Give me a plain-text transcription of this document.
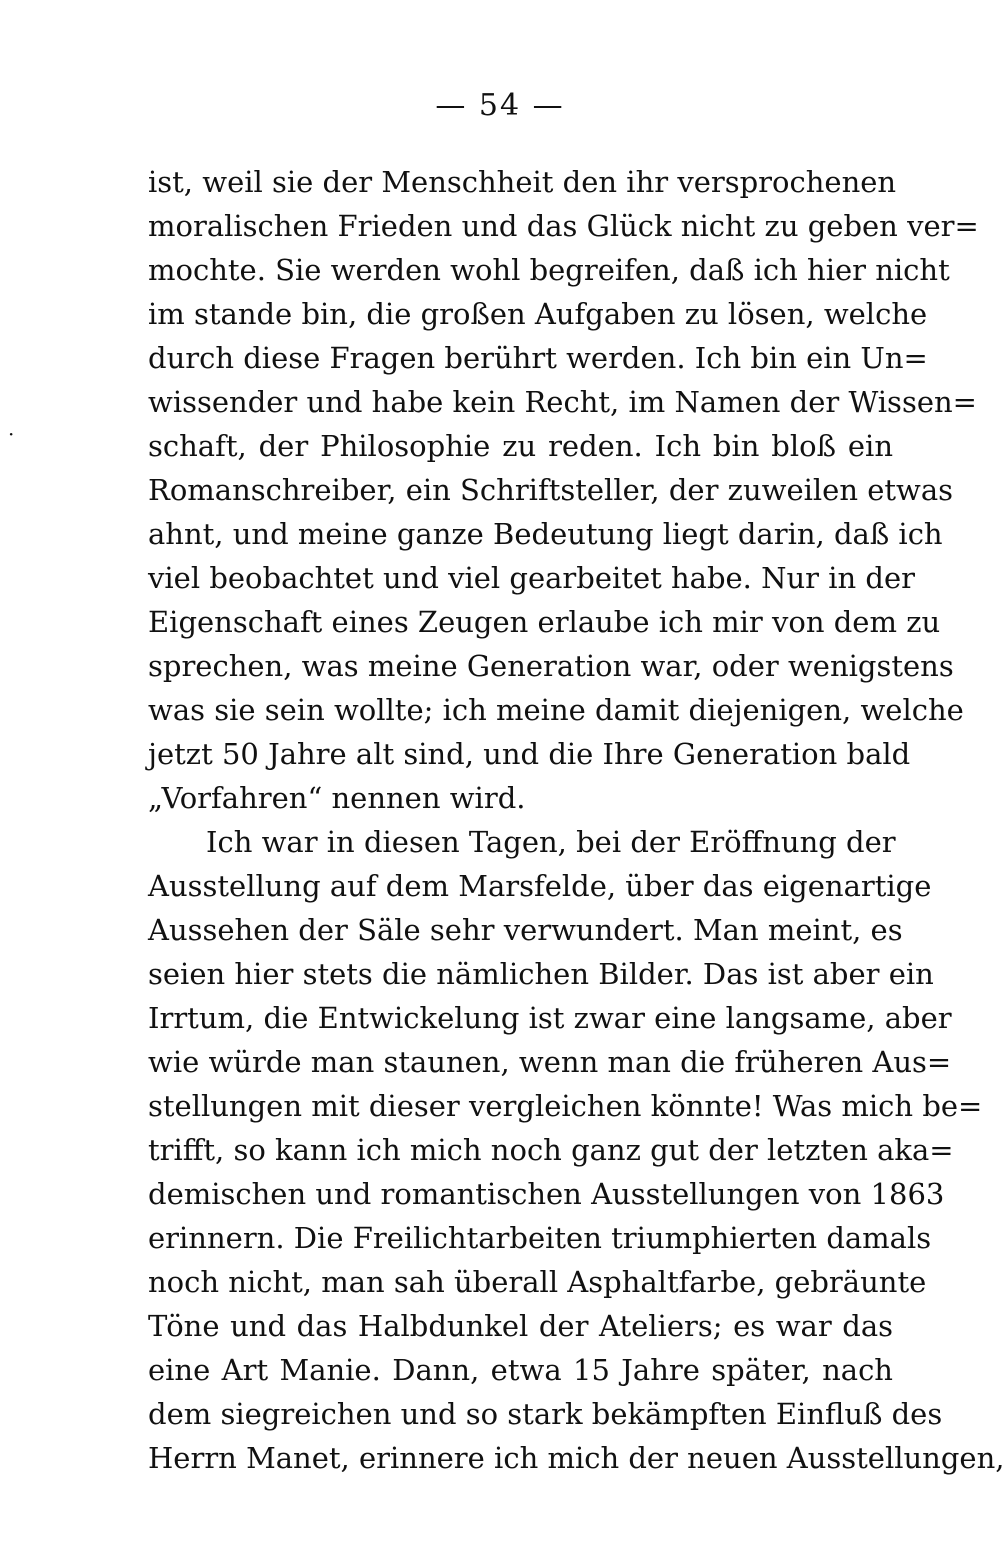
— 54 —
·
ist, weil sie der Menschheit den ihr versprochenen
moralischen Frieden und das Glück nicht zu geben ver=
mochte. Sie werden wohl begreifen, daß ich hier nicht
im stande bin, die großen Aufgaben zu lösen, welche
durch diese Fragen berührt werden. Ich bin ein Un=
wissender und habe kein Recht, im Namen der Wissen=
schaft, der Philosophie zu reden. Ich bin bloß ein
Romanschreiber, ein Schriftsteller, der zuweilen etwas
ahnt, und meine ganze Bedeutung liegt darin, daß ich
viel beobachtet und viel gearbeitet habe. Nur in der
Eigenschaft eines Zeugen erlaube ich mir von dem zu
sprechen, was meine Generation war, oder wenigstens
was sie sein wollte; ich meine damit diejenigen, welche
jetzt 50 Jahre alt sind, und die Ihre Generation bald
„Vorfahren“ nennen wird.
Ich war in diesen Tagen, bei der Eröffnung der
Ausstellung auf dem Marsfelde, über das eigenartige
Aussehen der Säle sehr verwundert. Man meint, es
seien hier stets die nämlichen Bilder. Das ist aber ein
Irrtum, die Entwickelung ist zwar eine langsame, aber
wie würde man staunen, wenn man die früheren Aus=
stellungen mit dieser vergleichen könnte! Was mich be=
trifft, so kann ich mich noch ganz gut der letzten aka=
demischen und romantischen Ausstellungen von 1863
erinnern. Die Freilichtarbeiten triumphierten damals
noch nicht, man sah überall Asphaltfarbe, gebräunte
Töne und das Halbdunkel der Ateliers; es war das
eine Art Manie. Dann, etwa 15 Jahre später, nach
dem siegreichen und so stark bekämpften Einfluß des
Herrn Manet, erinnere ich mich der neuen Ausstellungen,
